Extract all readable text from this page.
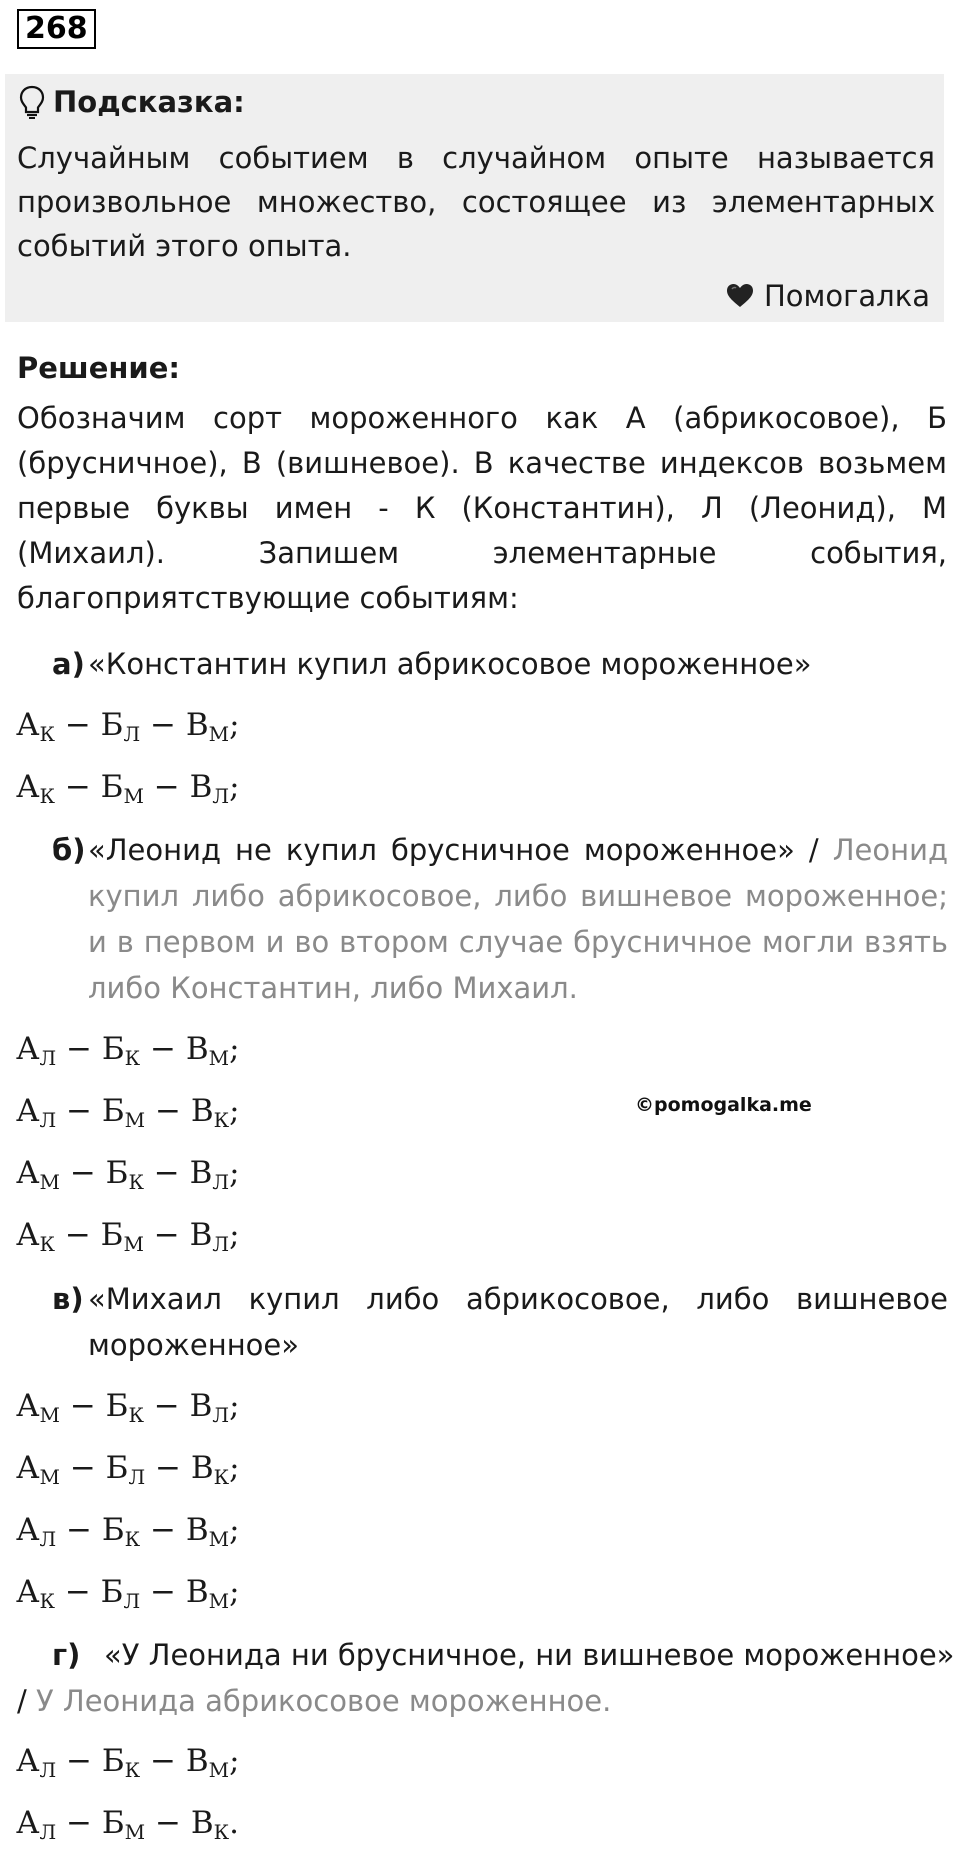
268
Подсказка:
Случайным событием в случайном опыте называется произвольное множество, состоящее из элементарных событий этого опыта.
Помогалка
Решение:
Обозначим сорт мороженного как А (абрикосовое), Б (брусничное), В (вишневое). В качестве индексов возьмем первые буквы имен - К (Константин), Л (Леонид), М (Михаил). Запишем элементарные события, благоприятствующие событиям:
а) «Константин купил абрикосовое мороженное»
$А_К - Б_Л - В_М$;
$А_К - Б_М - В_Л$;
б) «Леонид не купил брусничное мороженное» / Леонид купил либо абрикосовое, либо вишневое мороженное; и в первом и во втором случае брусничное могли взять либо Константин, либо Михаил.
$А_Л - Б_К - В_М$;
$А_Л - Б_М - В_К$;
$А_М - Б_К - В_Л$;
$А_К - Б_М - В_Л$;
©pomogalka.me
в) «Михаил купил либо абрикосовое, либо вишневое мороженное»
$А_М - Б_К - В_Л$;
$А_М - Б_Л - В_К$;
$А_Л - Б_К - В_М$;
$А_К - Б_Л - В_М$;
г) «У Леонида ни брусничное, ни вишневое мороженное»
/ У Леонида абрикосовое мороженное.
$А_Л - Б_К - В_М$;
$А_Л - Б_М - В_К$.
